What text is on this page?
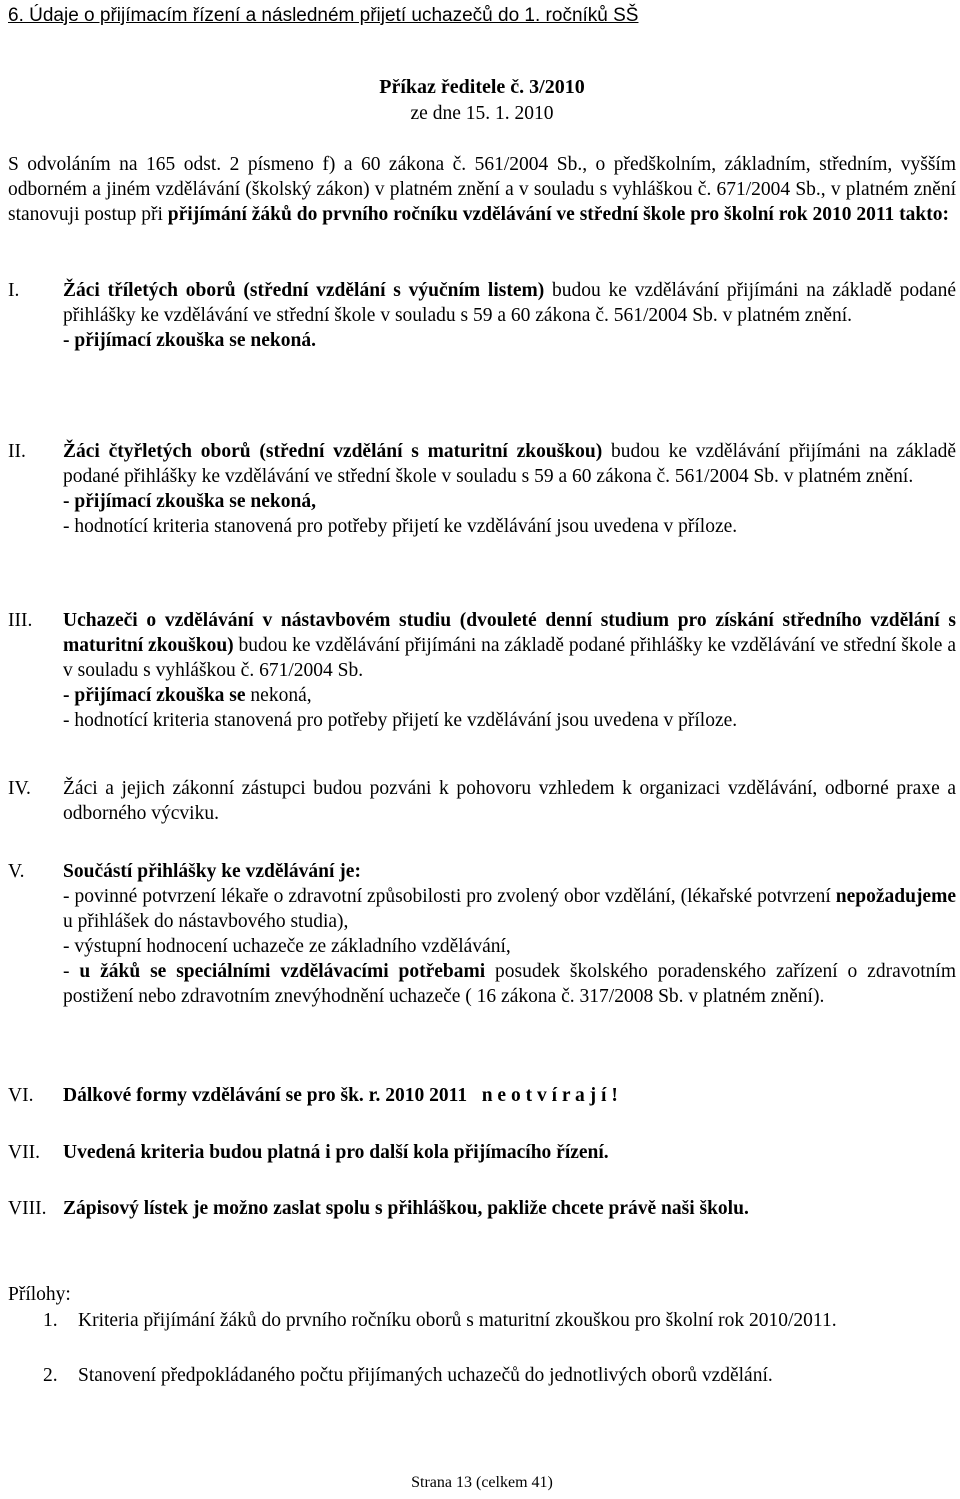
6. Údaje o přijímacím řízení a následném přijetí uchazečů do 1. ročníků SŠ
Příkaz ředitele č. 3/2010
ze dne 15. 1. 2010
S odvoláním na 165 odst. 2 písmeno f) a 60 zákona č. 561/2004 Sb., o předškolním, základním, středním, vyšším odborném a jiném vzdělávání (školský zákon) v platném znění a v souladu s vyhláškou č. 671/2004 Sb., v platném znění stanovuji postup při přijímání žáků do prvního ročníku vzdělávání ve střední škole pro školní rok 2010 2011 takto:
I. Žáci tříletých oborů (střední vzdělání s výučním listem) budou ke vzdělávání přijímáni na základě podané přihlášky ke vzdělávání ve střední škole v souladu s 59 a 60 zákona č. 561/2004 Sb. v platném znění.

- přijímací zkouška se nekoná.

II. Žáci čtyřletých oborů (střední vzdělání s maturitní zkouškou) budou ke vzdělávání přijímáni na základě podané přihlášky ke vzdělávání ve střední škole v souladu s 59 a 60 zákona č. 561/2004 Sb. v platném znění.

- přijímací zkouška se nekoná,

- hodnotící kriteria stanovená pro potřeby přijetí ke vzdělávání jsou uvedena v příloze.

III. Uchazeči o vzdělávání v nástavbovém studiu (dvouleté denní studium pro získání středního vzdělání s maturitní zkouškou) budou ke vzdělávání přijímáni na základě podané přihlášky ke vzdělávání ve střední škole a v souladu s vyhláškou č. 671/2004 Sb.

- přijímací zkouška se nekoná,

- hodnotící kriteria stanovená pro potřeby přijetí ke vzdělávání jsou uvedena v příloze.

IV. Žáci a jejich zákonní zástupci budou pozváni k pohovoru vzhledem k organizaci vzdělávání, odborné praxe a odborného výcviku.

V. Součástí přihlášky ke vzdělávání je:

- povinné potvrzení lékaře o zdravotní způsobilosti pro zvolený obor vzdělání, (lékařské potvrzení nepožadujeme u přihlášek do nástavbového studia),

- výstupní hodnocení uchazeče ze základního vzdělávání,

- u žáků se speciálními vzdělávacími potřebami posudek školského poradenského zařízení o zdravotním postižení nebo zdravotním znevýhodnění uchazeče ( 16 zákona č. 317/2008 Sb. v platném znění).

VI. Dálkové formy vzdělávání se pro šk. r. 2010 2011   n e o t v í r a j í !

VII. Uvedená kriteria budou platná i pro další kola přijímacího řízení.

VIII. Zápisový lístek je možno zaslat spolu s přihláškou, pakliže chcete právě naši školu.

Přílohy:
1. Kriteria přijímání žáků do prvního ročníku oborů s maturitní zkouškou pro školní rok 2010/2011.
2. Stanovení předpokládaného počtu přijímaných uchazečů do jednotlivých oborů vzdělání.
Strana 13 (celkem 41)
